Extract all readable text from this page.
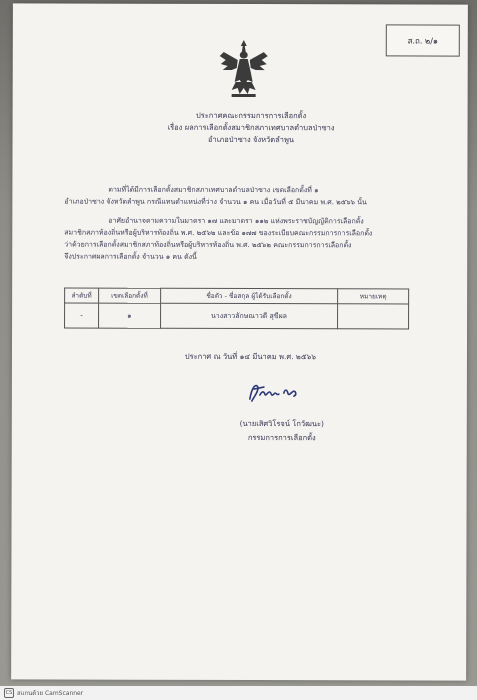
ส.ถ. ๒/๑
ประกาศคณะกรรมการการเลือกตั้ง
เรื่อง ผลการเลือกตั้งสมาชิกสภาเทศบาลตำบลป่าซาง
อำเภอป่าซาง จังหวัดลำพูน
ตามที่ได้มีการเลือกตั้งสมาชิกสภาเทศบาลตำบลป่าซาง เขตเลือกตั้งที่ ๑
อำเภอป่าซาง จังหวัดลำพูน กรณีแทนตำแหน่งที่ว่าง จำนวน ๑ คน เมื่อวันที่ ๕ มีนาคม พ.ศ. ๒๕๖๖ นั้น
อาศัยอำนาจตามความในมาตรา ๑๗ และมาตรา ๑๑๒ แห่งพระราชบัญญัติการเลือกตั้ง
สมาชิกสภาท้องถิ่นหรือผู้บริหารท้องถิ่น พ.ศ. ๒๕๖๒ และข้อ ๑๗๗ ของระเบียบคณะกรรมการการเลือกตั้ง
ว่าด้วยการเลือกตั้งสมาชิกสภาท้องถิ่นหรือผู้บริหารท้องถิ่น พ.ศ. ๒๕๖๒ คณะกรรมการการเลือกตั้ง
จึงประกาศผลการเลือกตั้ง จำนวน ๑ คน ดังนี้
ลำดับที่	เขตเลือกตั้งที่	ชื่อตัว - ชื่อสกุล ผู้ได้รับเลือกตั้ง	หมายเหตุ
-	๑	นางสาวลักษณาวดี สุขีผล	
ประกาศ ณ วันที่ ๑๔ มีนาคม พ.ศ. ๒๕๖๖
(นายเสิศวิโรจน์ โกวัฒนะ)
กรรมการการเลือกตั้ง
CS สแกนด้วย CamScanner
